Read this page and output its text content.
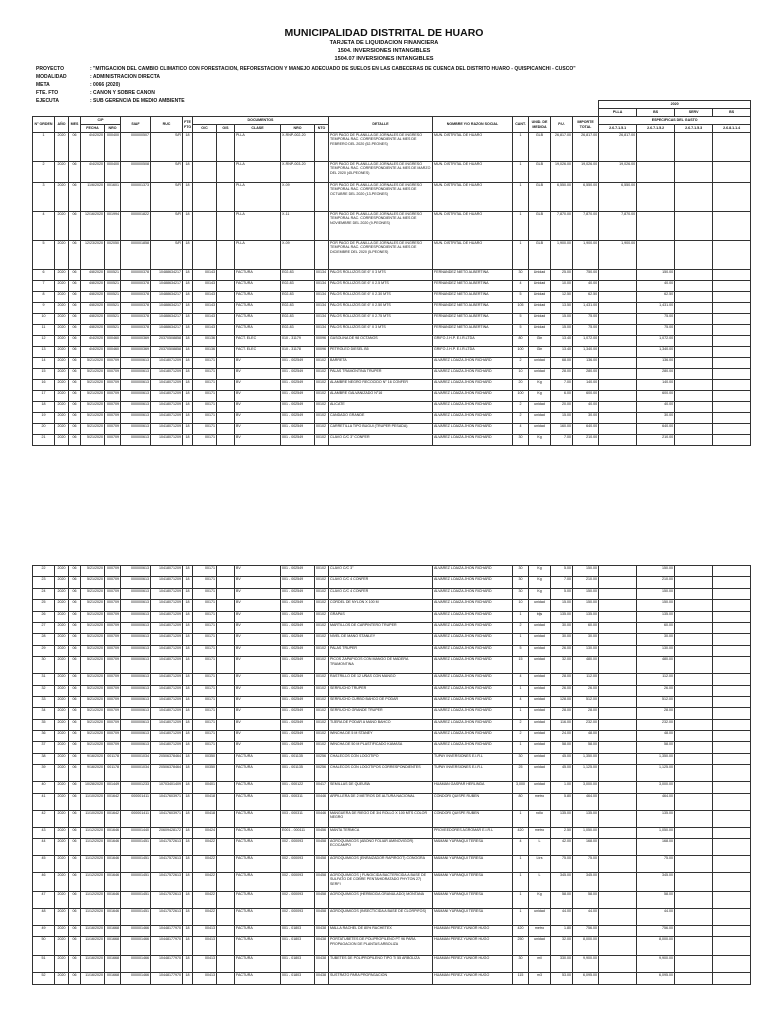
MUNICIPALIDAD DISTRITAL DE HUARO
TARJETA DE LIQUIDACION FINANCIERA
1504. INVERSIONES INTANGIBLES
1504.07 INVERSIONES INTANGIBLES
PROYECTO	: "MITIGACION DEL CAMBIO CLIMATICO CON FORESTACION, REFORESTACION Y MANEJO ADECUADO DE SUELOS EN LAS CABECERAS DE CUENCA DEL DISTRITO HUARO - QUISPICANCHI - CUSCO"
MODALIDAD	: ADMINISTRACION DIRECTA
META	: 0066 (2020)
FTE. FTO	: CANON Y SOBRE CANON
EJECUTA	: SUB GERENCIA DE MEDIO AMBIENTE
																			2020			
																			PLLA	BS	SERV	BS
N° ORDEN	AÑO	MES	C/P		SIAF	RUC	FTE FTO	DOCUMENTOS					DETALLE	NOMBRE Y/O RAZON SOCIAL	CANT.	UNID. DE MEDIDA	P.U.	IMPORTE TOTAL	ESPECIFICAS DEL GASTO			
			FECHA	NRO				O/C	O/S	CLASE	NRO	NTO							2.6.7.1.5.1	2.6.7.1.5.2	2.6.7.1.5.3	2.6.8.1.1.4
1	2020	06	4/4/2020	000400	000000507	S/R	18			PLLA	X-RNP-002-20		POR PAGO DE PLANILLA DE JORNALES DE INGRESO TEMPORAL RAC. CORRESPONDIENTE AL MES DE FEBRERO DEL 2020 (52-PEONES)	MUN. DISTRITAL DE HUARO	1	GLB	26,817.00	26,817.00	26,817.00			
2	2020	06	4/4/2020	000400	000000508	S/R	18			PLLA	X-RNP-003-20		POR PAGO DE PLANILLA DE JORNALES DE INGRESO TEMPORAL RAC. CORRESPONDIENTE AL MES DE MARZO DEL 2020 (45-PEONES)	MUN. DISTRITAL DE HUARO	1	GLB	19,026.00	19,026.00	19,026.00			
3	2020	06	11/6/2020	001601	000001373	S/R	18			PLLA	X-09		POR PAGO DE PLANILLA DE JORNALES DE INGRESO TEMPORAL RAC. CORRESPONDIENTE AL MES DE OCTUBRE DEL 2020 (13-PEONES)	MUN. DISTRITAL DE HUARO	1	GLB	6,550.00	6,550.00	6,550.00			
4	2020	06	12/16/2020	001994	000001822	S/R	18			PLLA	X-11		POR PAGO DE PLANILLA DE JORNALES DE INGRESO TEMPORAL RAC. CORRESPONDIENTE AL MES DE NOVIEMBRE DEL 2020 (9-PEONES)	MUN. DISTRITAL DE HUARO	1	GLB	7,870.00	7,870.00	7,870.00			
5	2020	06	12/23/2020	002050	000001858	S/R	18			PLLA	X-09		POR PAGO DE PLANILLA DE JORNALES DE INGRESO TEMPORAL RAC. CORRESPONDIENTE AL MES DE DICIEMBRE DEL 2020 (5-PEONES)	MUN. DISTRITAL DE HUARO	1	GLB	1,900.00	1,900.00	1,900.00			
6	2020	06	4/8/2020	000521	000000378	10488634217	18	00143		FACTURA	E02-83	00134	PALOS ROLLIZOS DE 6" X 3 MTS	FERNANDEZ NIETO ALBERTINA	30	Unidad	25.00	750.00		150.00		
7	2020	06	4/8/2020	000521	000000378	10488634217	18	00143		FACTURA	E02-83	00134	PALOS ROLLIZOS DE 6" X 2.5 MTS	FERNANDEZ NIETO ALBERTINA	4	Unidad	10.00	40.00		40.00		
8	2020	06	4/8/2020	000521	000000378	10488634217	18	00143		FACTURA	E02-83	00134	PALOS ROLLIZOS DE 6" X 2.30 MTS	FERNANDEZ NIETO ALBERTINA	5	Unidad	12.50	62.50		62.50		
9	2020	06	4/8/2020	000521	000000378	10488634217	18	00143		FACTURA	E02-83	00134	PALOS ROLLIZOS DE 6" X 2.50 MTS	FERNANDEZ NIETO ALBERTINA	105	Unidad	13.50	1,431.00		1,431.00		
10	2020	06	4/8/2020	000521	000000378	10488634217	18	00143		FACTURA	E02-83	00134	PALOS ROLLIZOS DE 6" X 2.75 MTS	FERNANDEZ NIETO ALBERTINA	5	Unidad	15.00	75.00		75.00		
11	2020	06	4/8/2020	000521	000000378	10488634217	18	00143		FACTURA	E02-83	00134	PALOS ROLLIZOS DE 6" X 3 MTS	FERNANDEZ NIETO ALBERTINA	5	Unidad	15.00	75.00		75.00		
12	2020	06	4/4/2020	000460	000000369	20370508858	18	00136		FACT. ELEC	010 - 31179	00096	GASOLINA DE 98 OCTANOS	GRIFO J.H.P. E.I.R.LTDA	80	Gln	13.40	1,072.00		1,072.00		
13	2020	06	4/4/2020	000460	000000369	20370508858	18	00136		FACT. ELEC	010 - 31178	00096	PETROLEO DIESEL B5	GRIFO J.H.P. E.I.R.LTDA	100	Gln	13.40	1,340.00		1,340.00		
14	2020	06	5/21/2020	000709	000000613	10418071209	18	00171		BV	001 - 002549	00102	BARRETA	ALVAREZ LOAIZA JHON RICHARD	2	unidad	68.00	136.00		136.00		
15	2020	06	5/21/2020	000709	000000613	10418071209	18	00171		BV	001 - 002549	00102	PALAS TRAMONTINA TRUPER	ALVAREZ LOAIZA JHON RICHARD	10	unidad	28.00	280.00		280.00		
16	2020	06	5/21/2020	000709	000000613	10418071209	18	00171		BV	001 - 002549	00102	ALAMBRE NEGRO RECOCIDO N° 16 CONFER	ALVAREZ LOAIZA JHON RICHARD	20	Kg	7.00	140.00		140.00		
17	2020	06	5/21/2020	000709	000000613	10418071209	18	00171		BV	001 - 002549	00102	ALAMBRE GALVANIZADO N°16	ALVAREZ LOAIZA JHON RICHARD	100	Kg	6.00	600.00		600.00		
18	2020	06	5/21/2020	000709	000000613	10418071209	18	00171		BV	001 - 002549	00102	ALICATE	ALVAREZ LOAIZA JHON RICHARD	2	unidad	20.00	40.00		40.00		
19	2020	06	5/21/2020	000709	000000613	10418071209	18	00171		BV	001 - 002549	00102	CANDADO GRANDE	ALVAREZ LOAIZA JHON RICHARD	2	unidad	15.00	30.00		30.00		
20	2020	06	5/21/2020	000709	000000613	10418071209	18	00171		BV	001 - 002549	00102	CARRETILLA TIPO BUGUI (TRUPER PESADA)	ALVAREZ LOAIZA JHON RICHARD	4	unidad	160.00	640.00		640.00		
21	2020	06	5/21/2020	000709	000000613	10418071209	18	00171		BV	001 - 002549	00102	CLAVO C/C 3" CONFER	ALVAREZ LOAIZA JHON RICHARD	30	Kg	7.00	210.00		210.00		
22	2020	06	5/21/2020	000709	000000613	10418071209	18	00171		BV	001 - 002549	00102	CLAVO C/C 3"	ALVAREZ LOAIZA JHON RICHARD	30	Kg	5.00	150.00		150.00		
23	2020	06	5/21/2020	000709	000000613	10418071209	18	00171		BV	001 - 002549	00102	CLAVO C/C 4 CONFER	ALVAREZ LOAIZA JHON RICHARD	30	Kg	7.00	210.00		210.00		
24	2020	06	5/21/2020	000709	000000613	10418071209	18	00171		BV	001 - 002549	00102	CLAVO C/C 4 CONFER	ALVAREZ LOAIZA JHON RICHARD	30	Kg	5.00	150.00		150.00		
25	2020	06	5/21/2020	000709	000000613	10418071209	18	00171		BV	001 - 002549	00102	CORDEL DE NYLON X 100 M	ALVAREZ LOAIZA JHON RICHARD	10	unidad	15.00	150.00		150.00		
26	2020	06	5/21/2020	000709	000000613	10418071209	18	00171		BV	001 - 002549	00102	GRAPAS	ALVAREZ LOAIZA JHON RICHARD	1	bljs	135.00	135.00		135.00		
27	2020	06	5/21/2020	000709	000000613	10418071209	18	00171		BV	001 - 002549	00102	MARTILLOS DE CARPINTERO TRUPER	ALVAREZ LOAIZA JHON RICHARD	2	unidad	30.00	60.00		60.00		
28	2020	06	5/21/2020	000709	000000613	10418071209	18	00171		BV	001 - 002549	00102	NIVEL DE MANO STANLEY	ALVAREZ LOAIZA JHON RICHARD	1	unidad	30.00	30.00		30.00		
29	2020	06	5/21/2020	000709	000000613	10418071209	18	00171		BV	001 - 002549	00102	PALAS TRUPER	ALVAREZ LOAIZA JHON RICHARD	5	unidad	26.00	130.00		130.00		
30	2020	06	5/21/2020	000709	000000613	10418071209	18	00171		BV	001 - 002549	00102	PICOS ZAPAPICOS CON MANGO DE MADERA TRAMONTINA	ALVAREZ LOAIZA JHON RICHARD	15	unidad	32.00	480.00		480.00		
31	2020	06	5/21/2020	000709	000000613	10418071209	18	00171		BV	001 - 002549	00102	RASTRILLO DE 12 UÑAS CON MANGO	ALVAREZ LOAIZA JHON RICHARD	4	unidad	28.00	112.00		112.00		
32	2020	06	5/21/2020	000709	000000613	10418071209	18	00171		BV	001 - 002549	00102	SERRUCHO TRUPER	ALVAREZ LOAIZA JHON RICHARD	1	unidad	26.00	26.00		26.00		
33	2020	06	5/21/2020	000709	000000613	10418071209	18	00171		BV	001 - 002549	00102	SERRUCHO CURBO BAHCO DE PODAR	ALVAREZ LOAIZA JHON RICHARD	4	unidad	128.00	512.00		512.00		
34	2020	06	5/21/2020	000709	000000613	10418071209	18	00171		BV	001 - 002549	00102	SERRUCHO GRANDE TRUPER	ALVAREZ LOAIZA JHON RICHARD	1	unidad	28.00	28.00		28.00		
35	2020	06	5/21/2020	000709	000000613	10418071209	18	00171		BV	001 - 002549	00102	TIJERA DE PODAR A MANO BAHCO	ALVAREZ LOAIZA JHON RICHARD	2	unidad	116.00	232.00		232.00		
36	2020	06	5/21/2020	000709	000000613	10418071209	18	00171		BV	001 - 002549	00102	WINCHA DE 5 M STANEY	ALVAREZ LOAIZA JHON RICHARD	2	unidad	24.00	48.00		48.00		
37	2020	06	5/21/2020	000709	000000613	10418071209	18	00171		BV	001 - 002549	00102	WINCHA DE 50 M PLASTIFICADO KAMASA	ALVAREZ LOAIZA JHON RICHARD	1	unidad	58.00	58.00		58.00		
38	2020	06	9/16/2020	001178	000001034	20506378464	18	00350		FACTURA	001 - 001135	00256	CHALECOS CON LOGOTIPO	TUPAY INVERSIONES E.I.R.L	30	unidad	45.00	1,350.00		1,350.00		
39	2020	06	9/16/2020	001178	000001034	20506378464	18	00350		FACTURA	001 - 001135	00256	CHALECOS CON LOGOTIPOS CORRESPONDIENTES	TUPAY INVERSIONES E.I.R.L	25	unidad	45.00	1,125.00		1,125.00		
40	2020	06	10/28/2020	001449	000001233	10703401409	18	00401		FACTURA	001 - 000122	00417	SEMILLAS DE QUEUÑA	HUAMAN GASPAR HERLINDA	3,000	unidad	1.00	3,000.00		3,000.00		
41	2020	06	11/10/2020	001642	000001411	10417603971	18	00418		FACTURA	003 - 000311	00446	ARPILLERA DE 2 METROS DE ALTURA NACIONAL	CONDORI QUISPE RUBEN	80	metro	5.80	464.00		464.00		
42	2020	06	11/10/2020	001642	000001411	10417603971	18	00418		FACTURA	003 - 000311	00446	MANGUERA DE RIEGO DE 3/4 ROLLO X 100 MTS COLOR NEGRO	CONDORI QUISPE RUBEN	1	rollo	135.00	135.00		135.00		
43	2020	06	11/12/2020	001646	000001440	20609428172	18	00424		FACTURA	E001 - 000111	00456	MANTA TERMICA	PROVEEDORES AGROMAR E.I.R.L	420	metro	2.50	1,050.00		1,050.00		
44	2020	06	11/12/2020	001646	000001451	10417572613	18	00422		FACTURA	002 - 000093	00458	AGROQUIMICOS (ABONO FOLIAR AMINOVIGOR) ECOCAMPO	MAMANI YUPANQUI TERESA	4	L	42.00	168.00		168.00		
45	2020	06	11/12/2020	001646	000001451	10417572613	18	00422		FACTURA	002 - 000093	00458	AGROQUIMICOS (ENRAIZADOR RAPIROOT) CONOGRA	MAMANI YUPANQUI TERESA	1	Ltrs	75.00	75.00		75.00		
46	2020	06	11/12/2020	001646	000001451	10417572613	18	00422		FACTURA	002 - 000093	00458	AGROQUIMICOS ( FUNGICIDA BACTERICIDA A BASE DE SULFATO DE COBRE PENTAHIDRATADO PHYTON 27) SERFI	MAMANI YUPANQUI TERESA	1	L	345.00	345.00		345.00		
47	2020	06	11/12/2020	001646	000001451	10417572613	18	00422		FACTURA	002 - 000093	00458	AGROQUIMICOS (HERBICIDA GRANULADO) MONTANA	MAMANI YUPANQUI TERESA	1	Kg	58.00	58.00		58.00		
48	2020	06	11/12/2020	001646	000001451	10417572613	18	00422		FACTURA	002 - 000093	00458	AGROQUIMICOS (INSECTICIDA A BASE DE CLORPIFOS)	MAMANI YUPANQUI TERESA	1	unidad	44.00	44.00		44.00		
49	2020	06	11/16/2020	001668	000001466	10448177970	18	00413		FACTURA	001 - 01803	00438	MALLA RACHEL DE 80% RACHETEX	HUAMAN PEREZ YUNIOR HUGO	420	metro	1.80	756.00		756.00		
50	2020	06	11/16/2020	001668	000001466	10448177970	18	00413		FACTURA	001 - 01803	00438	PORTATUBETES DE POLIPROPILENO PT 96 PARA PROPAGACION DE PLANTAS ARBOLIZA	HUAMAN PEREZ YUNIOR HUGO	250	unidad	32.00	8,000.00		8,000.00		
51	2020	06	11/16/2020	001668	000001466	10448177970	18	00413		FACTURA	001 - 01803	00438	TUBETES DE POLIPROPILENO TIPO T/ 55 ARBOLIZA	HUAMAN PEREZ YUNIOR HUGO	30	mil	330.00	9,900.00		9,900.00		
52	2020	06	11/16/2020	001668	000001466	10448177970	18	00413		FACTURA	001 - 01803	00438	SUSTRATO PARA PROPAGACION	HUAMAN PEREZ YUNIOR HUGO	115	m3	53.00	6,095.00		6,095.00		
